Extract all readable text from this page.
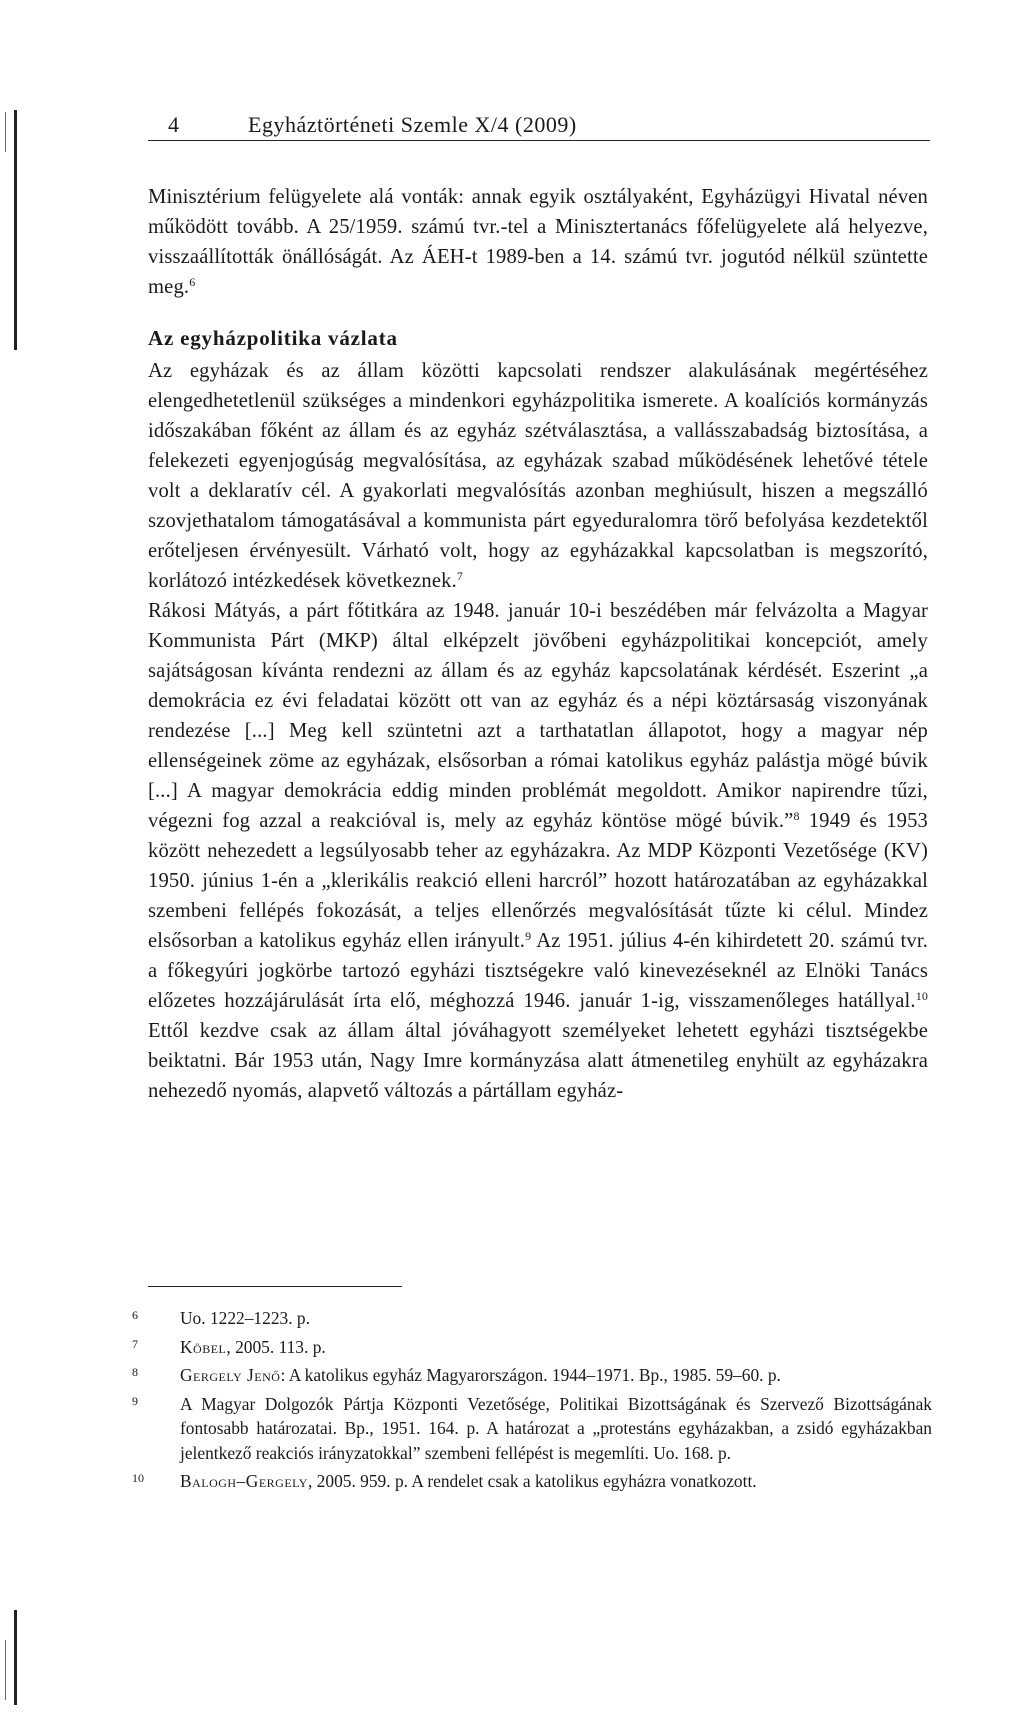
4	Egyháztörténeti Szemle X/4 (2009)

Minisztérium felügyelete alá vonták: annak egyik osztályaként, Egyházügyi Hivatal néven működött tovább. A 25/1959. számú tvr.-tel a Minisztertanács főfelügyelete alá helyezve, visszaállították önállóságát. Az ÁEH-t 1989-ben a 14. számú tvr. jogutód nélkül szüntette meg.$^6$

Az egyházpolitika vázlata

Az egyházak és az állam közötti kapcsolati rendszer alakulásának megértéséhez elengedhetetlenül szükséges a mindenkori egyházpolitika ismerete. A koalíciós kormányzás időszakában főként az állam és az egyház szétválasztása, a vallásszabadság biztosítása, a felekezeti egyenjogúság megvalósítása, az egyházak szabad működésének lehetővé tétele volt a deklaratív cél. A gyakorlati megvalósítás azonban meghiúsult, hiszen a megszálló szovjethatalom támogatásával a kommunista párt egyeduralomra törő befolyása kezdetektől erőteljesen érvényesült. Várható volt, hogy az egyházakkal kapcsolatban is megszorító, korlátozó intézkedések következnek.$^7$

Rákosi Mátyás, a párt főtitkára az 1948. január 10-i beszédében már felvázolta a Magyar Kommunista Párt (MKP) által elképzelt jövőbeni egyházpolitikai koncepciót, amely sajátságosan kívánta rendezni az állam és az egyház kapcsolatának kérdését. Eszerint „a demokrácia ez évi feladatai között ott van az egyház és a népi köztársaság viszonyának rendezése [...] Meg kell szüntetni azt a tarthatatlan állapotot, hogy a magyar nép ellenségeinek zöme az egyházak, elsősorban a római katolikus egyház palástja mögé búvik [...] A magyar demokrácia eddig minden problémát megoldott. Amikor napirendre tűzi, végezni fog azzal a reakcióval is, mely az egyház köntöse mögé búvik.”$^8$ 1949 és 1953 között nehezedett a legsúlyosabb teher az egyházakra. Az MDP Központi Vezetősége (KV) 1950. június 1-én a „klerikális reakció elleni harcról” hozott határozatában az egyházakkal szembeni fellépés fokozását, a teljes ellenőrzés megvalósítását tűzte ki célul. Mindez elsősorban a katolikus egyház ellen irányult.$^9$ Az 1951. július 4-én kihirdetett 20. számú tvr. a főkegyúri jogkörbe tartozó egyházi tisztségekre való kinevezéseknél az Elnöki Tanács előzetes hozzájárulását írta elő, méghozzá 1946. január 1-ig, visszamenőleges hatállyal.$^{10}$ Ettől kezdve csak az állam által jóváhagyott személyeket lehetett egyházi tisztségekbe beiktatni. Bár 1953 után, Nagy Imre kormányzása alatt átmenetileg enyhült az egyházakra nehezedő nyomás, alapvető változás a pártállam egyház-

6 Uo. 1222–1223. p.

7 Köbel, 2005. 113. p.

8 Gergely Jenő: A katolikus egyház Magyarországon. 1944–1971. Bp., 1985. 59–60. p.

9 A Magyar Dolgozók Pártja Központi Vezetősége, Politikai Bizottságának és Szervező Bizottságának fontosabb határozatai. Bp., 1951. 164. p. A határozat a „protestáns egyházakban, a zsidó egyházakban jelentkező reakciós irányzatokkal” szembeni fellépést is megemlíti. Uo. 168. p.

10 Balogh–Gergely, 2005. 959. p. A rendelet csak a katolikus egyházra vonatkozott.
